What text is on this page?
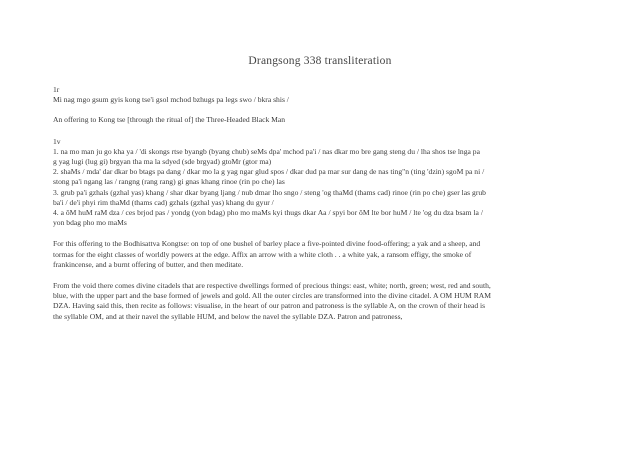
Drangsong 338 transliteration

1r

Mi nag mgo gsum gyis kong tse'i gsol mchod bzhugs pa legs swo / bkra shis /

An offering to Kong tse [through the ritual of] the Three-Headed Black Man

1v

1. na mo man ju go kha ya / 'di skongs rtse byangb (byang chub) seMs dpa' mchod pa'i / nas dkar mo bre gang steng du / lha shos tse lnga pa

g yag lugi (lug gi) brgyan tha ma la sdyed (sde brgyad) gtoMr (gtor ma)

2. shaMs / mda' dar dkar bo btags pa dang / dkar mo la g yag ngar glud spos / dkar dud pa mar sur dang de nas ting"n (ting 'dzin) sgoM pa ni /

stong pa'i ngang las / rangng (rang rang) gi gnas khang rinoe (rin po che) las

3. grub pa'i gzhals (gzhal yas) khang / shar dkar byang ljang / nub dmar lho sngo / steng 'og thaMd (thams cad) rinoe (rin po che) gser las grub

ba'i / de'i phyi rim thaMd (thams cad) gzhals (gzhal yas) khang du gyur /

4. a ôM huM raM dza / ces brjod pas / yondg (yon bdag) pho mo maMs kyi thugs dkar Aa / spyi bor ôM lte bor huM / lte 'og du dza bsam la /

yon bdag pho mo maMs

For this offering to the Bodhisattva Kongtse: on top of one bushel of barley place a five-pointed divine food-offering; a yak and a sheep, and

tormas for the eight classes of worldly powers at the edge. Affix an arrow with a white cloth . . a white yak, a ransom effigy, the smoke of

frankincense, and a burnt offering of butter, and then meditate.

From the void there comes divine citadels that are respective dwellings formed of precious things: east, white; north, green; west, red and south,

blue, with the upper part and the base formed of jewels and gold. All the outer circles are transformed into the divine citadel. A OM HUM RAM

DZA. Having said this, then recite as follows: visualise, in the heart of our patron and patroness is the syllable A, on the crown of their head is

the syllable OM, and at their navel the syllable HUM, and below the navel the syllable DZA. Patron and patroness,
